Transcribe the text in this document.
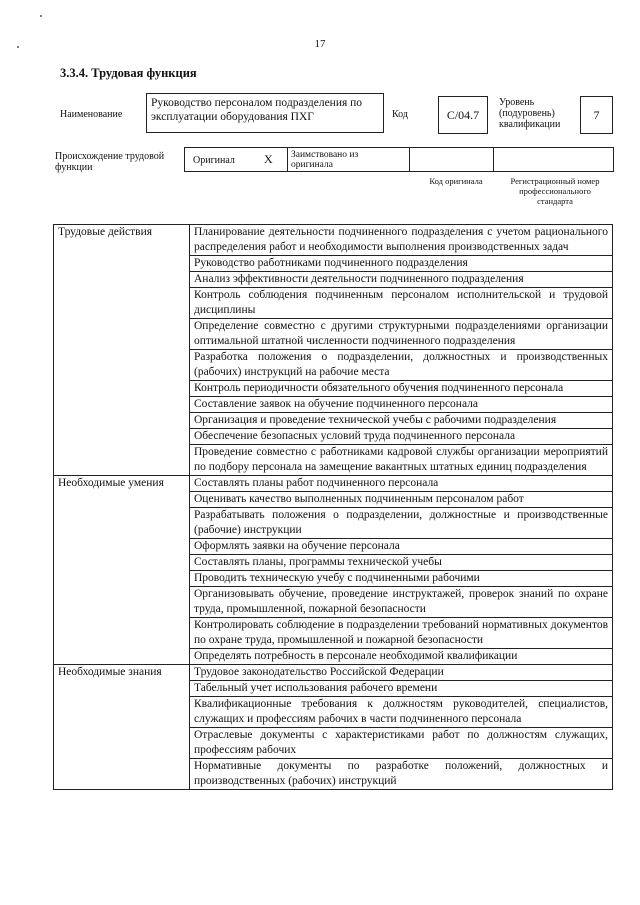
17
3.3.4. Трудовая функция
Наименование
Руководство персоналом подразделения по эксплуатации оборудования ПХГ	Код	C/04.7
Уровень (подуровень) квалификации
7
Происхождение трудовой функции
Оригинал X Заимствовано из оригинала
Код оригинала	Регистрационный номер профессионального стандарта
Трудовые действия	Планирование деятельности подчиненного подразделения с учетом рационального распределения работ и необходимости выполнения производственных задач
	Руководство работниками подчиненного подразделения
	Анализ эффективности деятельности подчиненного подразделения
	Контроль соблюдения подчиненным персоналом исполнительской и трудовой дисциплины
	Определение совместно с другими структурными подразделениями организации оптимальной штатной численности подчиненного подразделения
	Разработка положения о подразделении, должностных и производственных (рабочих) инструкций на рабочие места
	Контроль периодичности обязательного обучения подчиненного персонала
	Составление заявок на обучение подчиненного персонала
	Организация и проведение технической учебы с рабочими подразделения
	Обеспечение безопасных условий труда подчиненного персонала
	Проведение совместно с работниками кадровой службы организации мероприятий по подбору персонала на замещение вакантных штатных единиц подразделения
Необходимые умения	Составлять планы работ подчиненного персонала
	Оценивать качество выполненных подчиненным персоналом работ
	Разрабатывать положения о подразделении, должностные и производственные (рабочие) инструкции
	Оформлять заявки на обучение персонала
	Составлять планы, программы технической учебы
	Проводить техническую учебу с подчиненными рабочими
	Организовывать обучение, проведение инструктажей, проверок знаний по охране труда, промышленной, пожарной безопасности
	Контролировать соблюдение в подразделении требований нормативных документов по охране труда, промышленной и пожарной безопасности
	Определять потребность в персонале необходимой квалификации
Необходимые знания	Трудовое законодательство Российской Федерации
	Табельный учет использования рабочего времени
	Квалификационные требования к должностям руководителей, специалистов, служащих и профессиям рабочих в части подчиненного персонала
	Отраслевые документы с характеристиками работ по должностям служащих, профессиям рабочих
	Нормативные документы по разработке положений, должностных и производственных (рабочих) инструкций
